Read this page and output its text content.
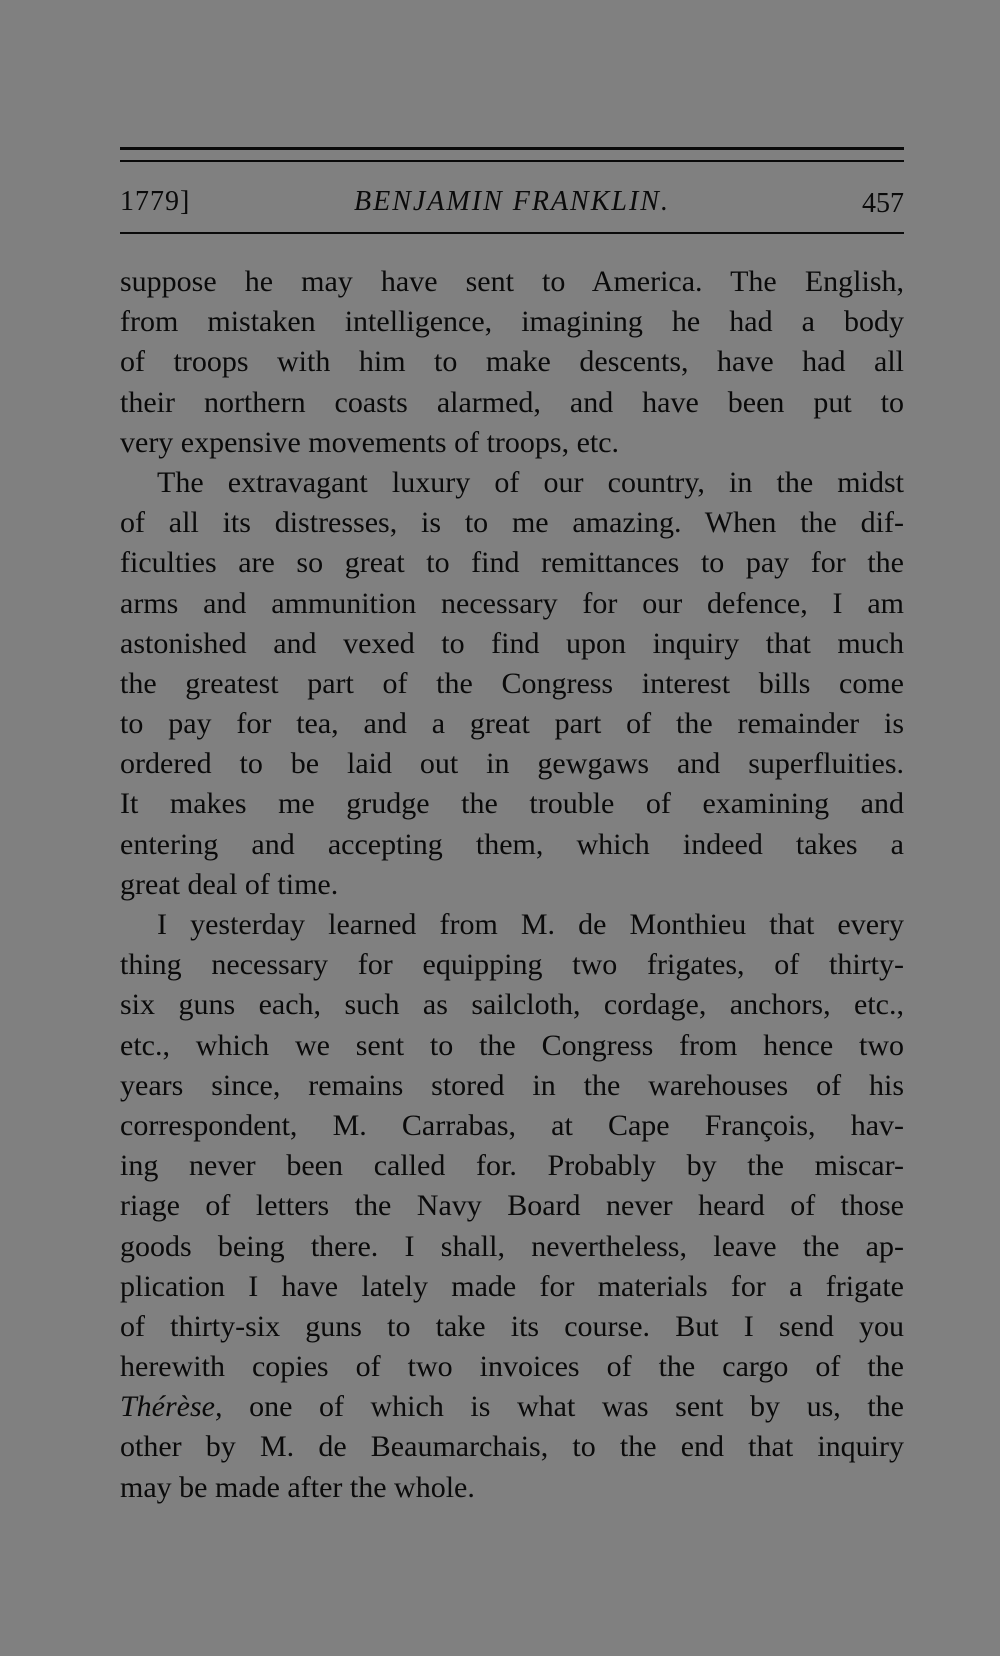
1779]	BENJAMIN FRANKLIN.	457
suppose he may have sent to America. The English,
from mistaken intelligence, imagining he had a body
of troops with him to make descents, have had all
their northern coasts alarmed, and have been put to
very expensive movements of troops, etc.
The extravagant luxury of our country, in the midst
of all its distresses, is to me amazing. When the dif-
ficulties are so great to find remittances to pay for the
arms and ammunition necessary for our defence, I am
astonished and vexed to find upon inquiry that much
the greatest part of the Congress interest bills come
to pay for tea, and a great part of the remainder is
ordered to be laid out in gewgaws and superfluities.
It makes me grudge the trouble of examining and
entering and accepting them, which indeed takes a
great deal of time.
I yesterday learned from M. de Monthieu that every
thing necessary for equipping two frigates, of thirty-
six guns each, such as sailcloth, cordage, anchors, etc.,
etc., which we sent to the Congress from hence two
years since, remains stored in the warehouses of his
correspondent, M. Carrabas, at Cape François, hav-
ing never been called for. Probably by the miscar-
riage of letters the Navy Board never heard of those
goods being there. I shall, nevertheless, leave the ap-
plication I have lately made for materials for a frigate
of thirty-six guns to take its course. But I send you
herewith copies of two invoices of the cargo of the
Thérèse, one of which is what was sent by us, the
other by M. de Beaumarchais, to the end that inquiry
may be made after the whole.
